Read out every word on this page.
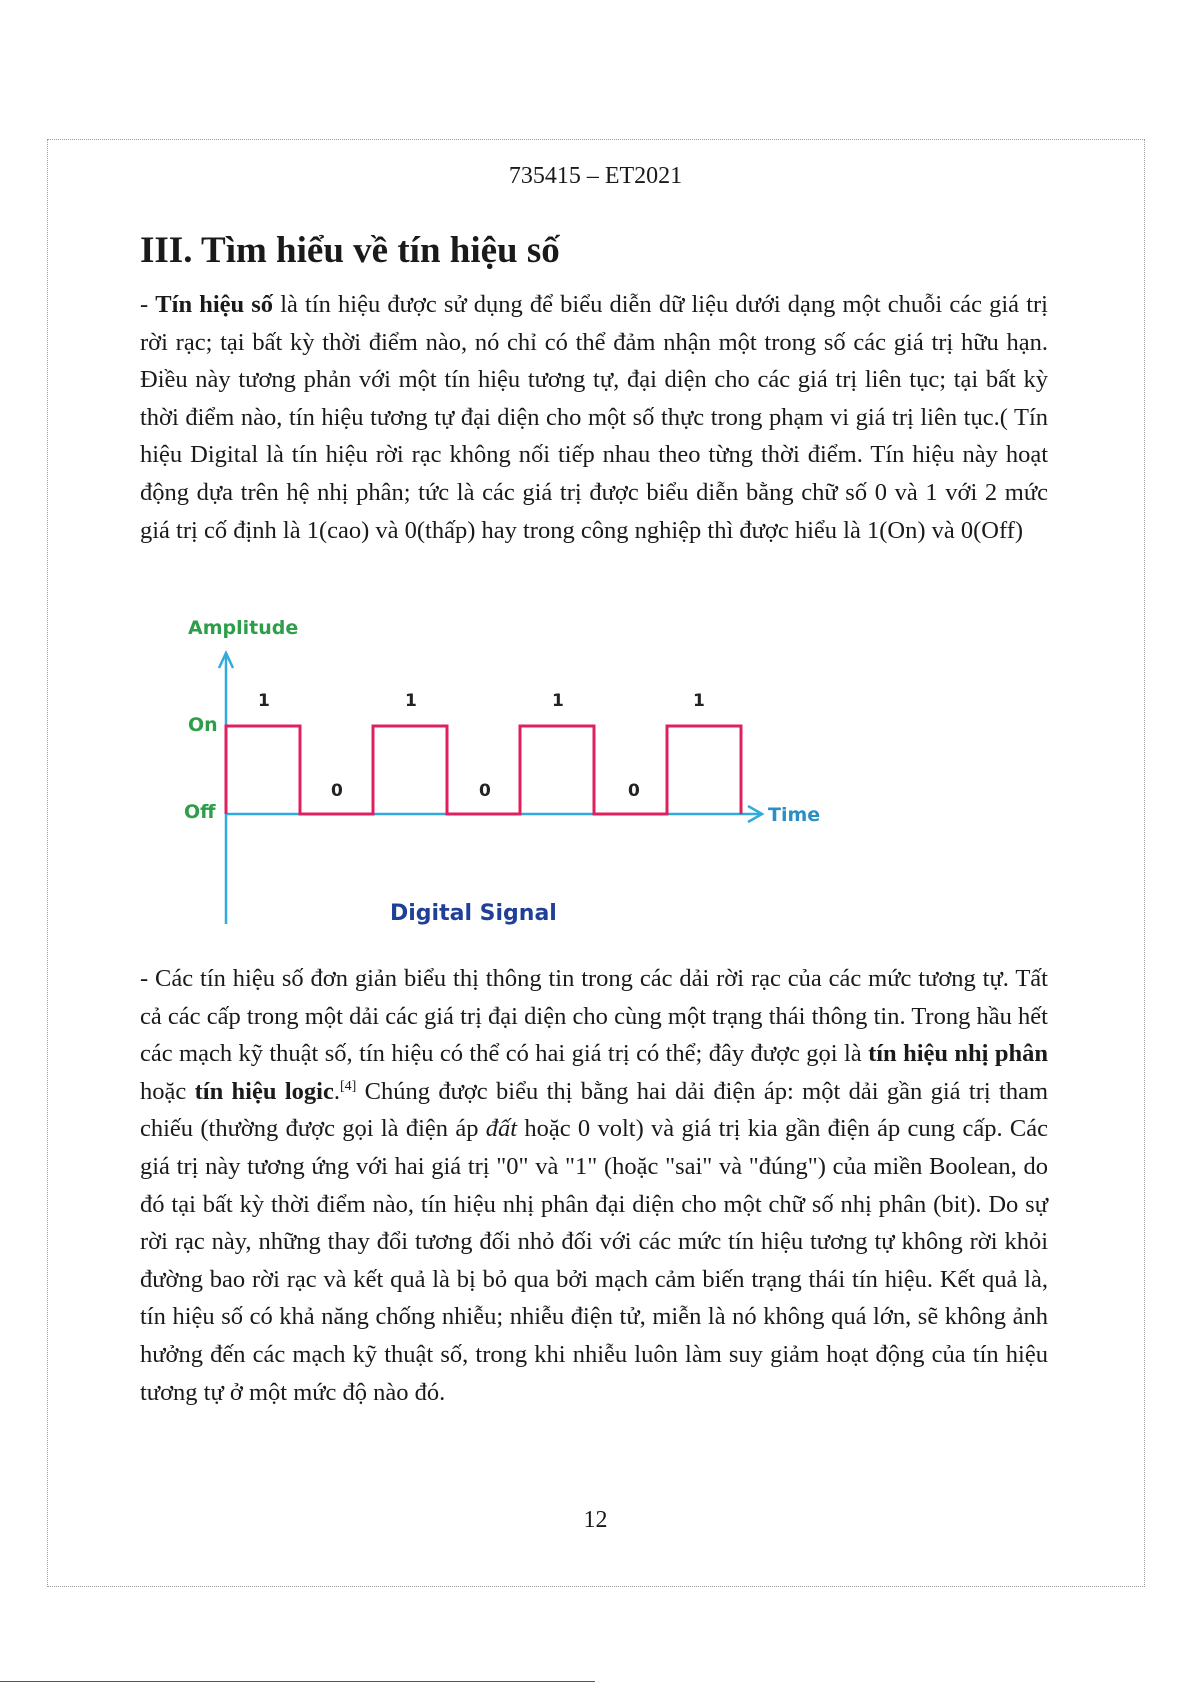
735415 – ET2021
III. Tìm hiểu về tín hiệu số

- Tín hiệu số là tín hiệu được sử dụng để biểu diễn dữ liệu dưới dạng một chuỗi các giá trị rời rạc; tại bất kỳ thời điểm nào, nó chỉ có thể đảm nhận một trong số các giá trị hữu hạn. Điều này tương phản với một tín hiệu tương tự, đại diện cho các giá trị liên tục; tại bất kỳ thời điểm nào, tín hiệu tương tự đại diện cho một số thực trong phạm vi giá trị liên tục.( Tín hiệu Digital là tín hiệu rời rạc không nối tiếp nhau theo từng thời điểm. Tín hiệu này hoạt động dựa trên hệ nhị phân; tức là các giá trị được biểu diễn bằng chữ số 0 và 1 với 2 mức giá trị cố định là 1(cao) và 0(thấp) hay trong công nghiệp thì được hiểu là 1(On) và 0(Off)

Amplitude
On
Off	Time
Digital Signal
1
0
1
0
1
0
1

- Các tín hiệu số đơn giản biểu thị thông tin trong các dải rời rạc của các mức tương tự. Tất cả các cấp trong một dải các giá trị đại diện cho cùng một trạng thái thông tin. Trong hầu hết các mạch kỹ thuật số, tín hiệu có thể có hai giá trị có thể; đây được gọi là tín hiệu nhị phân hoặc tín hiệu logic.[4] Chúng được biểu thị bằng hai dải điện áp: một dải gần giá trị tham chiếu (thường được gọi là điện áp đất hoặc 0 volt) và giá trị kia gần điện áp cung cấp. Các giá trị này tương ứng với hai giá trị "0" và "1" (hoặc "sai" và "đúng") của miền Boolean, do đó tại bất kỳ thời điểm nào, tín hiệu nhị phân đại diện cho một chữ số nhị phân (bit). Do sự rời rạc này, những thay đổi tương đối nhỏ đối với các mức tín hiệu tương tự không rời khỏi đường bao rời rạc và kết quả là bị bỏ qua bởi mạch cảm biến trạng thái tín hiệu. Kết quả là, tín hiệu số có khả năng chống nhiễu; nhiễu điện tử, miễn là nó không quá lớn, sẽ không ảnh hưởng đến các mạch kỹ thuật số, trong khi nhiễu luôn làm suy giảm hoạt động của tín hiệu tương tự ở một mức độ nào đó.

12
